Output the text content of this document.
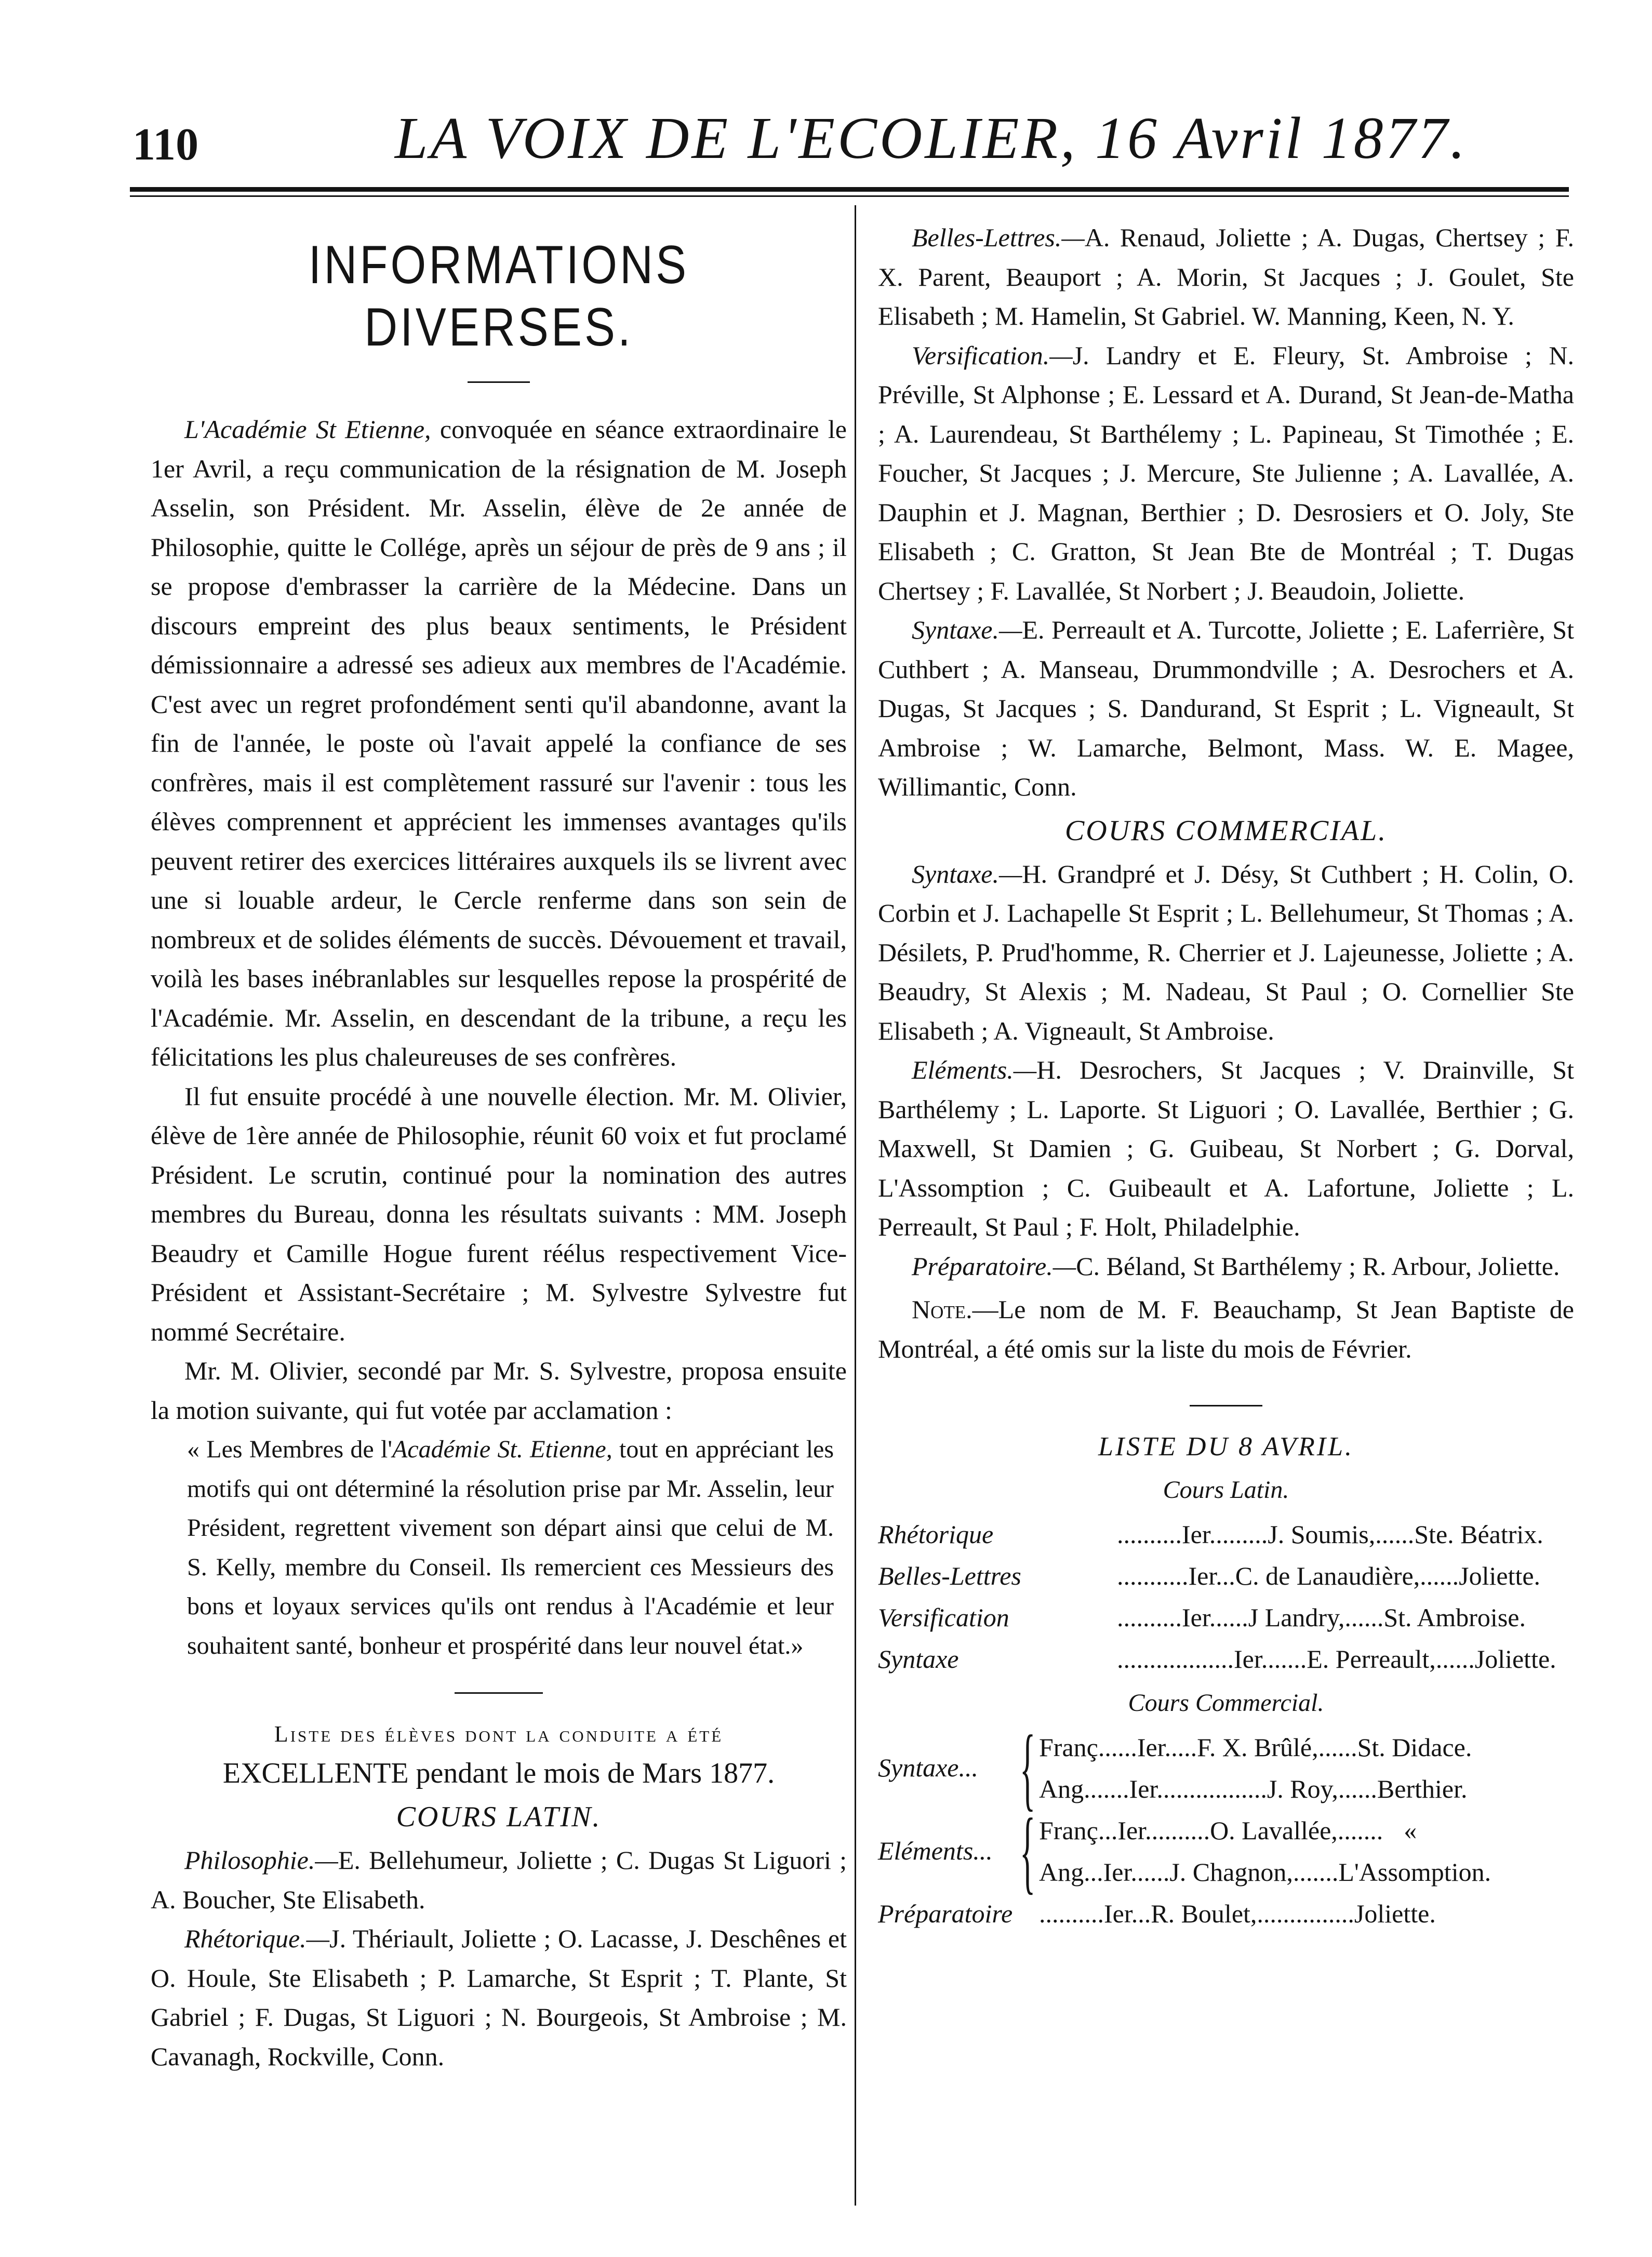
110	LA VOIX DE L'ECOLIER, 16 Avril 1877.
INFORMATIONS DIVERSES.

L'Académie St Etienne, convoquée en séance extraordinaire le 1er Avril, a reçu communication de la résignation de M. Joseph Asselin, son Président. Mr. Asselin, élève de 2e année de Philosophie, quitte le Collége, après un séjour de près de 9 ans ; il se propose d'embrasser la carrière de la Médecine. Dans un discours empreint des plus beaux sentiments, le Président démissionnaire a adressé ses adieux aux membres de l'Académie. C'est avec un regret profondément senti qu'il abandonne, avant la fin de l'année, le poste où l'avait appelé la confiance de ses confrères, mais il est complètement rassuré sur l'avenir : tous les élèves comprennent et apprécient les immenses avantages qu'ils peuvent retirer des exercices littéraires auxquels ils se livrent avec une si louable ardeur, le Cercle renferme dans son sein de nombreux et de solides éléments de succès. Dévouement et travail, voilà les bases inébranlables sur lesquelles repose la prospérité de l'Académie. Mr. Asselin, en descendant de la tribune, a reçu les félicitations les plus chaleureuses de ses confrères.

Il fut ensuite procédé à une nouvelle élection. Mr. M. Olivier, élève de 1ère année de Philosophie, réunit 60 voix et fut proclamé Président. Le scrutin, continué pour la nomination des autres membres du Bureau, donna les résultats suivants : MM. Joseph Beaudry et Camille Hogue furent réélus respectivement Vice-Président et Assistant-Secrétaire ; M. Sylvestre Sylvestre fut nommé Secrétaire.

Mr. M. Olivier, secondé par Mr. S. Sylvestre, proposa ensuite la motion suivante, qui fut votée par acclamation :

« Les Membres de l'Académie St. Etienne, tout en appréciant les motifs qui ont déterminé la résolution prise par Mr. Asselin, leur Président, regrettent vivement son départ ainsi que celui de M. S. Kelly, membre du Conseil. Ils remercient ces Messieurs des bons et loyaux services qu'ils ont rendus à l'Académie et leur souhaitent santé, bonheur et prospérité dans leur nouvel état.»

Liste des élèves dont la conduite a été
EXCELLENTE pendant le mois de Mars 1877.
COURS LATIN.

Philosophie.—E. Bellehumeur, Joliette ; C. Dugas St Liguori ; A. Boucher, Ste Elisabeth.

Rhétorique.—J. Thériault, Joliette ; O. Lacasse, J. Deschênes et O. Houle, Ste Elisabeth ; P. Lamarche, St Esprit ; T. Plante, St Gabriel ; F. Dugas, St Liguori ; N. Bourgeois, St Ambroise ; M. Cavanagh, Rockville, Conn.

Belles-Lettres.—A. Renaud, Joliette ; A. Dugas, Chertsey ; F. X. Parent, Beauport ; A. Morin, St Jacques ; J. Goulet, Ste Elisabeth ; M. Hamelin, St Gabriel. W. Manning, Keen, N. Y.

Versification.—J. Landry et E. Fleury, St. Ambroise ; N. Préville, St Alphonse ; E. Lessard et A. Durand, St Jean-de-Matha ; A. Laurendeau, St Barthélemy ; L. Papineau, St Timothée ; E. Foucher, St Jacques ; J. Mercure, Ste Julienne ; A. Lavallée, A. Dauphin et J. Magnan, Berthier ; D. Desrosiers et O. Joly, Ste Elisabeth ; C. Gratton, St Jean Bte de Montréal ; T. Dugas Chertsey ; F. Lavallée, St Norbert ; J. Beaudoin, Joliette.

Syntaxe.—E. Perreault et A. Turcotte, Joliette ; E. Laferrière, St Cuthbert ; A. Manseau, Drummondville ; A. Desrochers et A. Dugas, St Jacques ; S. Dandurand, St Esprit ; L. Vigneault, St Ambroise ; W. Lamarche, Belmont, Mass. W. E. Magee, Willimantic, Conn.

COURS COMMERCIAL.

Syntaxe.—H. Grandpré et J. Désy, St Cuthbert ; H. Colin, O. Corbin et J. Lachapelle St Esprit ; L. Bellehumeur, St Thomas ; A. Désilets, P. Prud'homme, R. Cherrier et J. Lajeunesse, Joliette ; A. Beaudry, St Alexis ; M. Nadeau, St Paul ; O. Cornellier Ste Elisabeth ; A. Vigneault, St Ambroise.

Eléments.—H. Desrochers, St Jacques ; V. Drainville, St Barthélemy ; L. Laporte. St Liguori ; O. Lavallée, Berthier ; G. Maxwell, St Damien ; G. Guibeau, St Norbert ; G. Dorval, L'Assomption ; C. Guibeault et A. Lafortune, Joliette ; L. Perreault, St Paul ; F. Holt, Philadelphie.

Préparatoire.—C. Béland, St Barthélemy ; R. Arbour, Joliette.

Note.—Le nom de M. F. Beauchamp, St Jean Baptiste de Montréal, a été omis sur la liste du mois de Février.

LISTE DU 8 AVRIL.
Cours Latin.
Rhétorique	..........Ier......... J. Soumis,...... Ste. Béatrix.
Belles-Lettres	...........Ier... C. de Lanaudière,...... Joliette.
Versification	..........Ier...... J Landry,...... St. Ambroise.
Syntaxe	..................Ier....... E. Perreault,...... Joliette.
Cours Commercial.
Syntaxe... { Franç......Ier..... F. X. Brûlé,...... St. Didace.
Ang.......Ier................. J. Roy,...... Berthier.
Eléments... { Franç...Ier.......... O. Lavallée,....... «
Ang...Ier...... J. Chagnon,....... L'Assomption.
Préparatoire	..........Ier... R. Boulet,............... Joliette.
